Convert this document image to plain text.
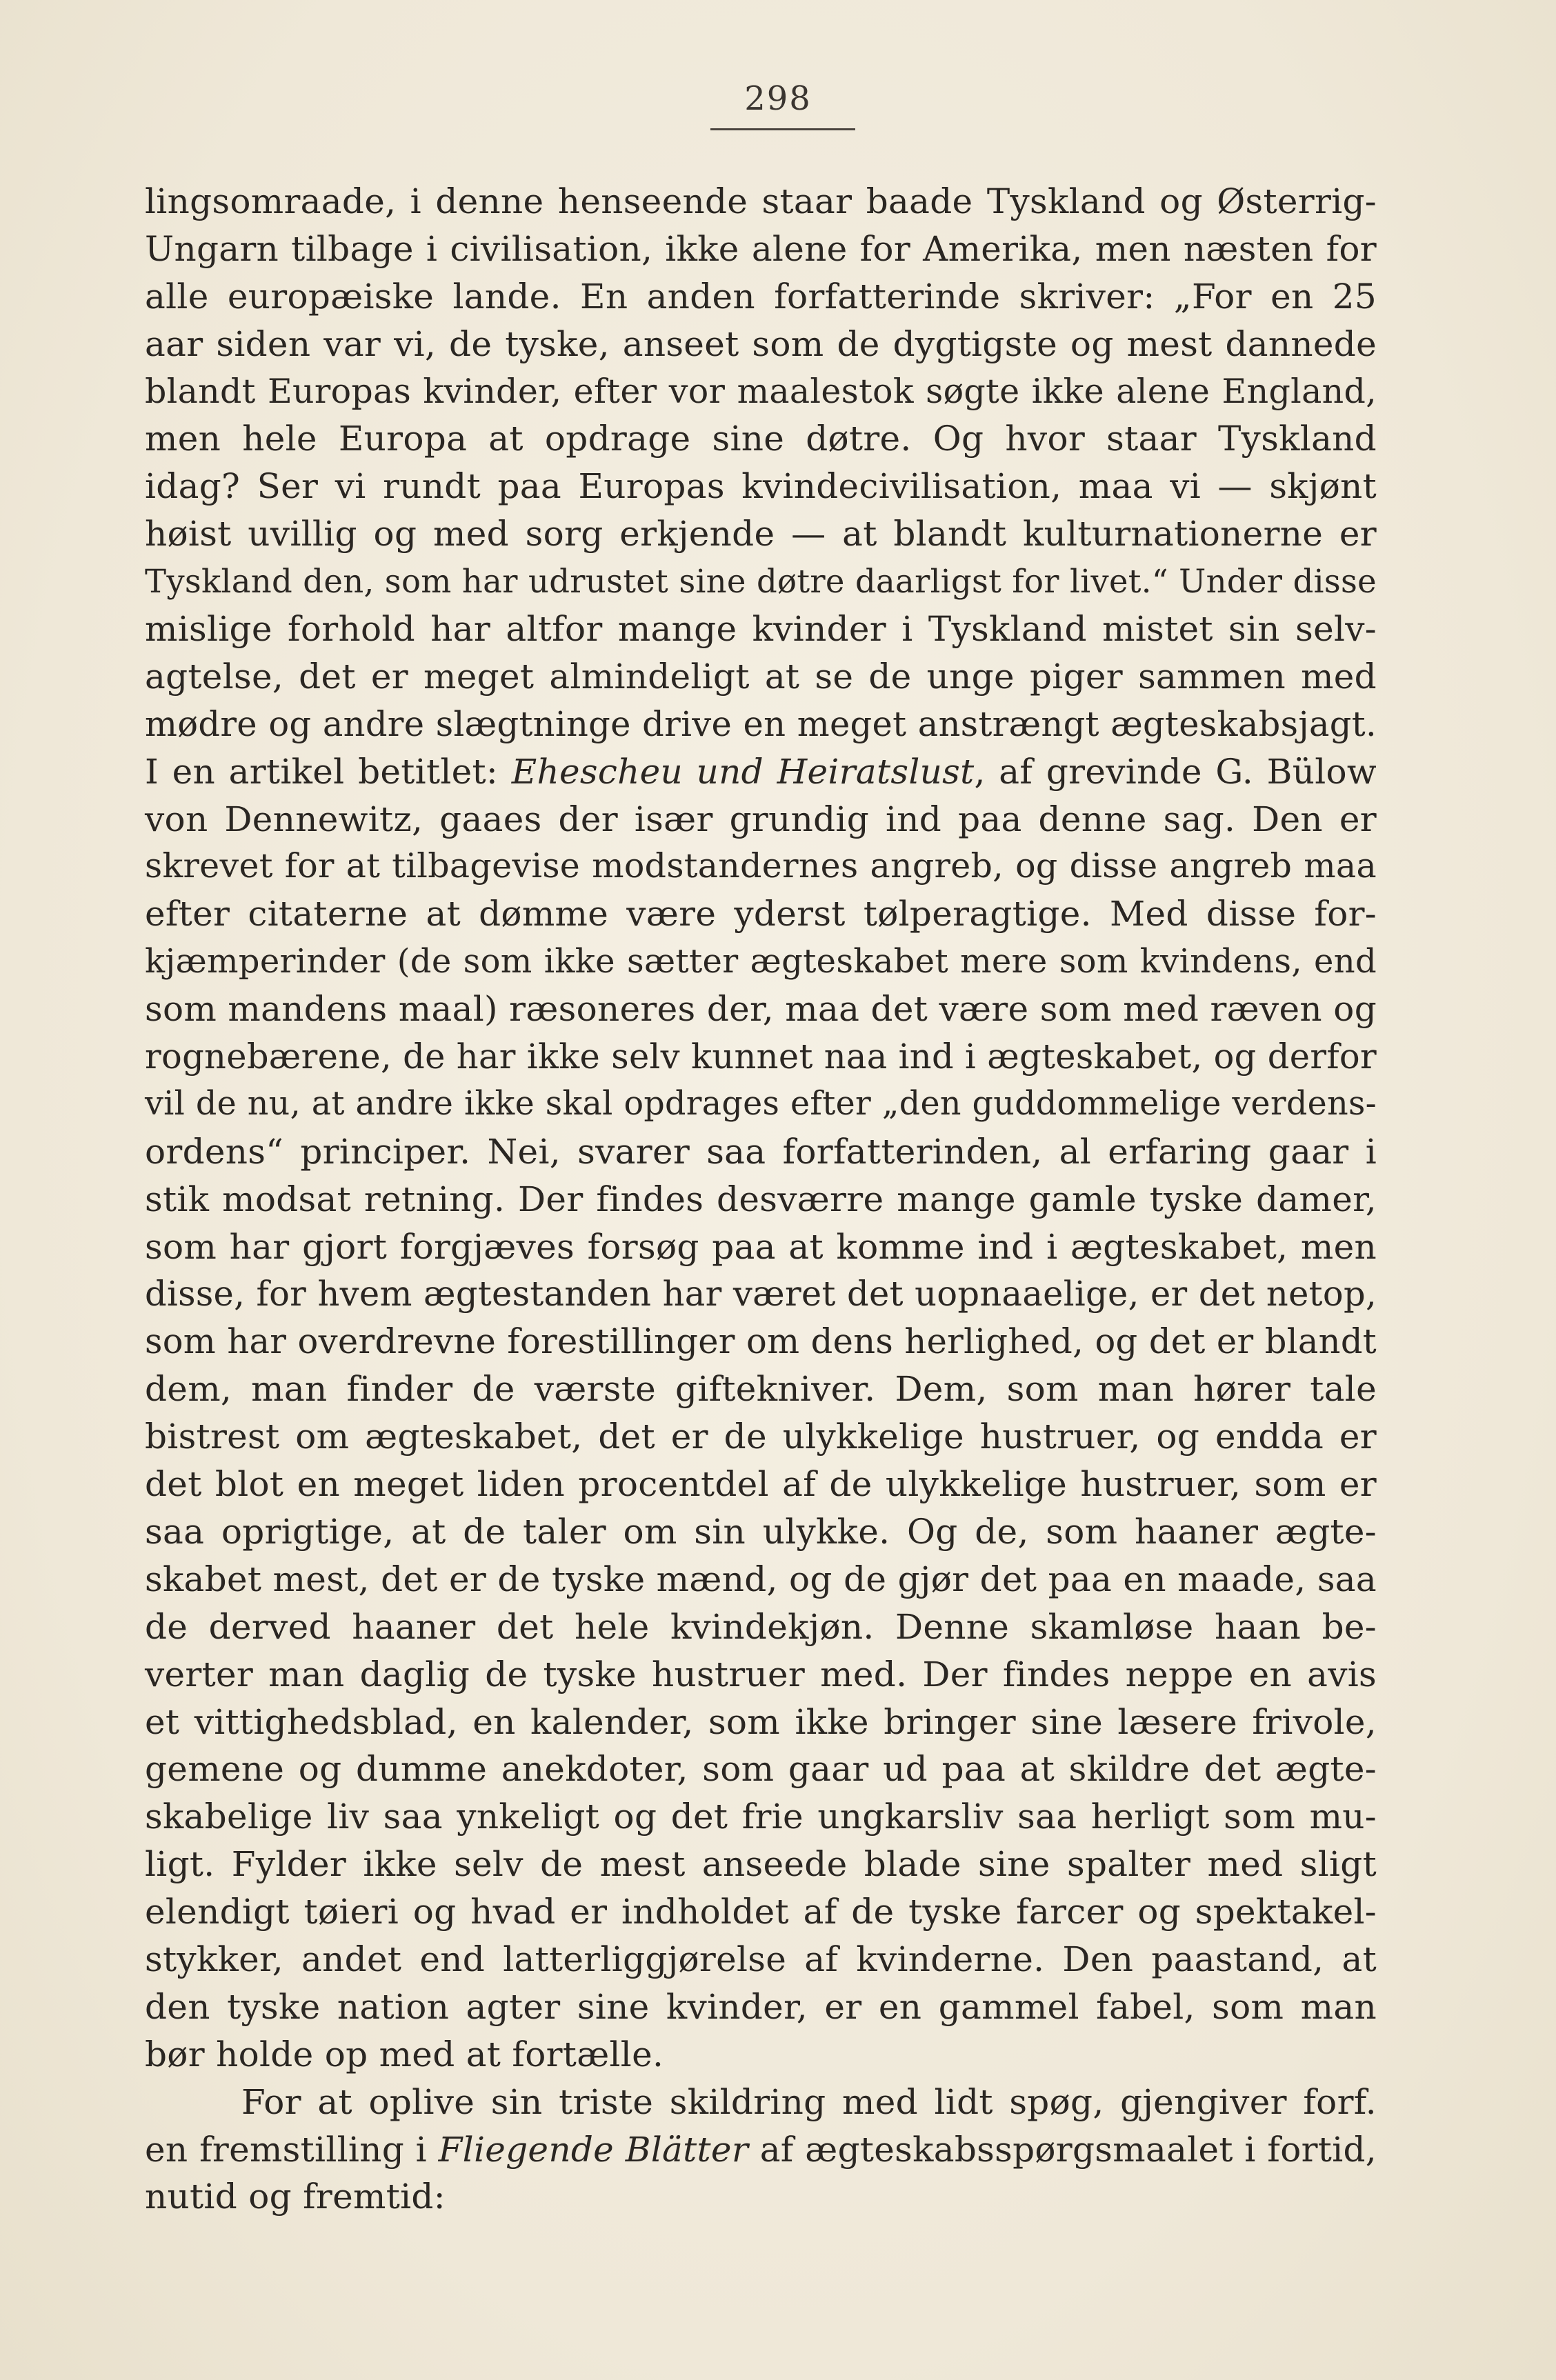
298
lingsomraade, i denne henseende staar baade Tyskland og Østerrig-
Ungarn tilbage i civilisation, ikke alene for Amerika, men næsten for
alle europæiske lande. En anden forfatterinde skriver: „For en 25
aar siden var vi, de tyske, anseet som de dygtigste og mest dannede
blandt Europas kvinder, efter vor maalestok søgte ikke alene England,
men hele Europa at opdrage sine døtre. Og hvor staar Tyskland
idag? Ser vi rundt paa Europas kvindecivilisation, maa vi — skjønt
høist uvillig og med sorg erkjende — at blandt kulturnationerne er
Tyskland den, som har udrustet sine døtre daarligst for livet.“ Under disse
mislige forhold har altfor mange kvinder i Tyskland mistet sin selv-
agtelse, det er meget almindeligt at se de unge piger sammen med
mødre og andre slægtninge drive en meget anstrængt ægteskabsjagt.
I en artikel betitlet: Ehescheu und Heiratslust, af grevinde G. Bülow
von Dennewitz, gaaes der især grundig ind paa denne sag. Den er
skrevet for at tilbagevise modstandernes angreb, og disse angreb maa
efter citaterne at dømme være yderst tølperagtige. Med disse for-
kjæmperinder (de som ikke sætter ægteskabet mere som kvindens, end
som mandens maal) ræsoneres der, maa det være som med ræven og
rognebærene, de har ikke selv kunnet naa ind i ægteskabet, og derfor
vil de nu, at andre ikke skal opdrages efter „den guddommelige verdens-
ordens“ principer. Nei, svarer saa forfatterinden, al erfaring gaar i
stik modsat retning. Der findes desværre mange gamle tyske damer,
som har gjort forgjæves forsøg paa at komme ind i ægteskabet, men
disse, for hvem ægtestanden har været det uopnaaelige, er det netop,
som har overdrevne forestillinger om dens herlighed, og det er blandt
dem, man finder de værste giftekniver. Dem, som man hører tale
bistrest om ægteskabet, det er de ulykkelige hustruer, og endda er
det blot en meget liden procentdel af de ulykkelige hustruer, som er
saa oprigtige, at de taler om sin ulykke. Og de, som haaner ægte-
skabet mest, det er de tyske mænd, og de gjør det paa en maade, saa
de derved haaner det hele kvindekjøn. Denne skamløse haan be-
verter man daglig de tyske hustruer med. Der findes neppe en avis
et vittighedsblad, en kalender, som ikke bringer sine læsere frivole,
gemene og dumme anekdoter, som gaar ud paa at skildre det ægte-
skabelige liv saa ynkeligt og det frie ungkarsliv saa herligt som mu-
ligt. Fylder ikke selv de mest anseede blade sine spalter med sligt
elendigt tøieri og hvad er indholdet af de tyske farcer og spektakel-
stykker, andet end latterliggjørelse af kvinderne. Den paastand, at
den tyske nation agter sine kvinder, er en gammel fabel, som man
bør holde op med at fortælle.
For at oplive sin triste skildring med lidt spøg, gjengiver forf.
en fremstilling i Fliegende Blätter af ægteskabsspørgsmaalet i fortid,
nutid og fremtid:
